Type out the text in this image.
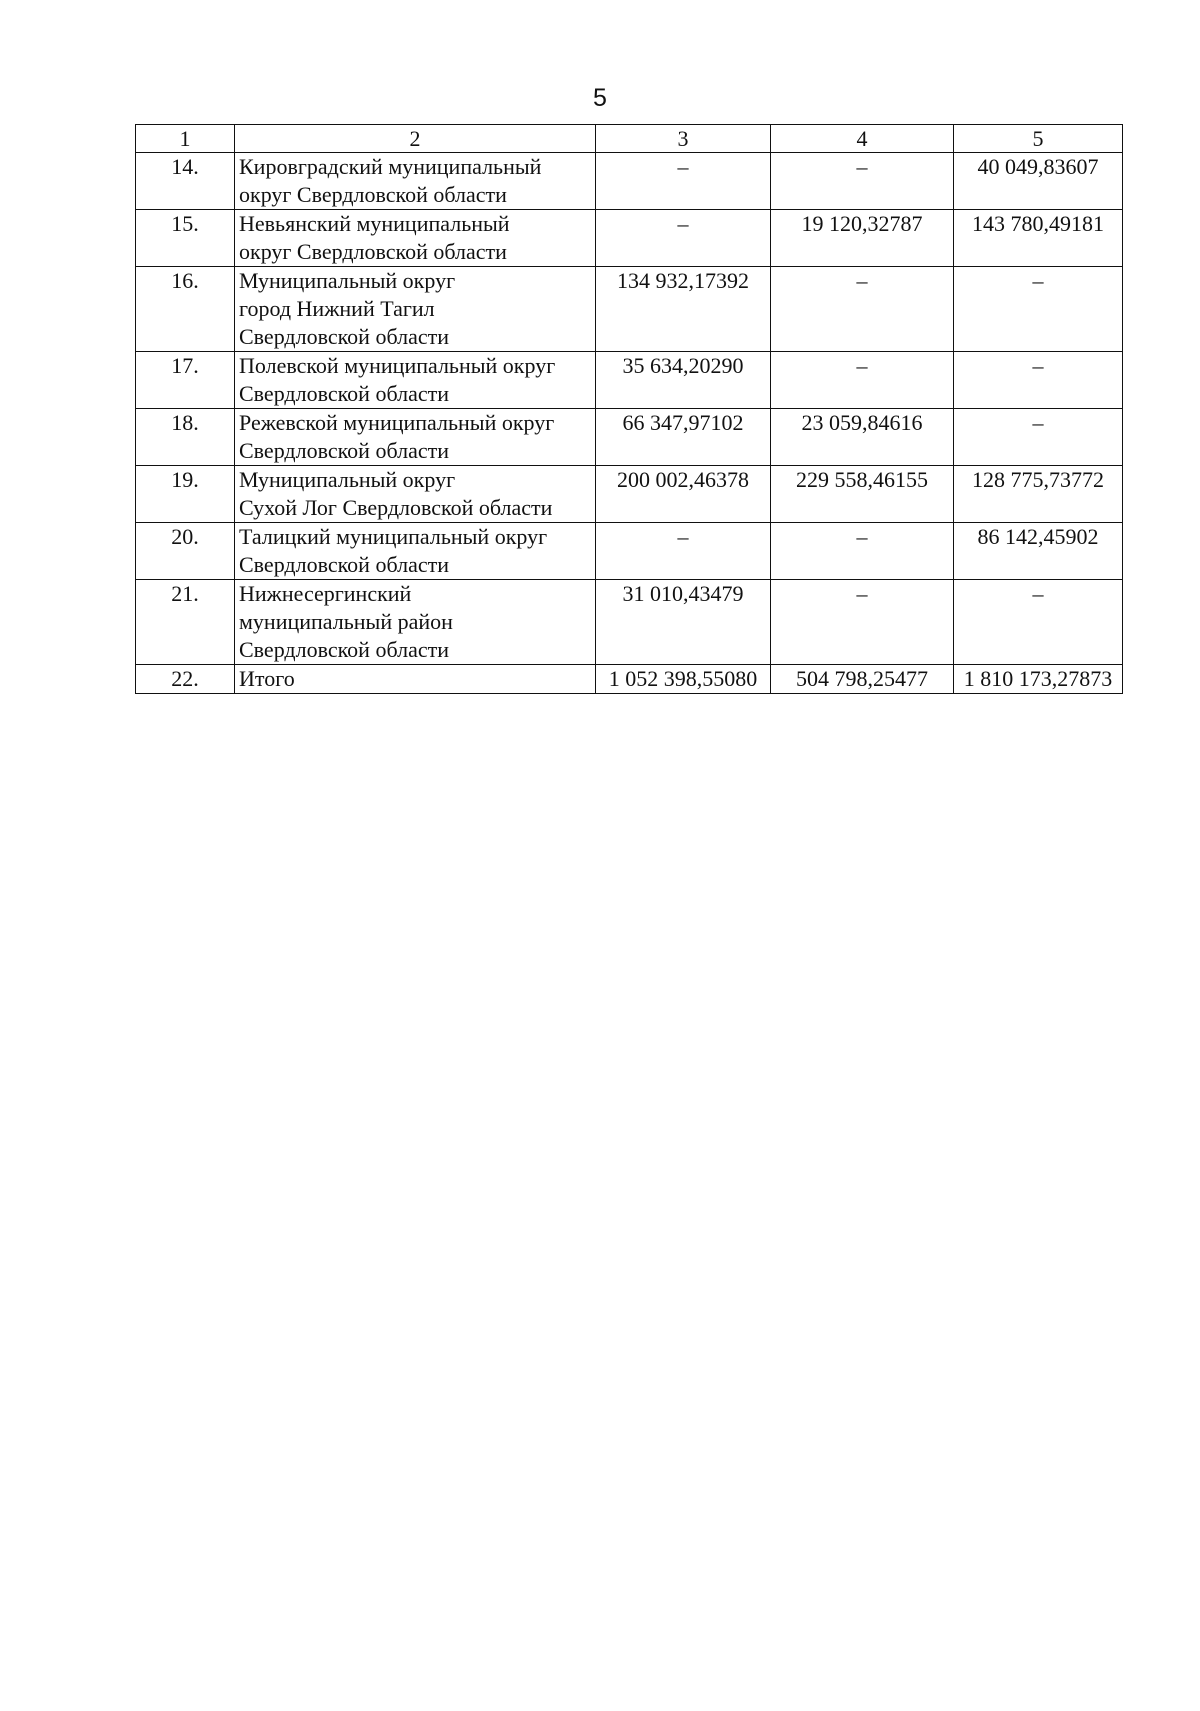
5
1	2	3	4	5
14.	Кировградский муниципальный
округ Свердловской области	–	–	40 049,83607
15.	Невьянский муниципальный
округ Свердловской области	–	19 120,32787	143 780,49181
16.	Муниципальный округ
город Нижний Тагил
Свердловской области	134 932,17392	–	–
17.	Полевской муниципальный округ
Свердловской области	35 634,20290	–	–
18.	Режевской муниципальный округ
Свердловской области	66 347,97102	23 059,84616	–
19.	Муниципальный округ
Сухой Лог Свердловской области	200 002,46378	229 558,46155	128 775,73772
20.	Талицкий муниципальный округ
Свердловской области	–	–	86 142,45902
21.	Нижнесергинский
муниципальный район
Свердловской области	31 010,43479	–	–
22.	Итого	1 052 398,55080	504 798,25477	1 810 173,27873
